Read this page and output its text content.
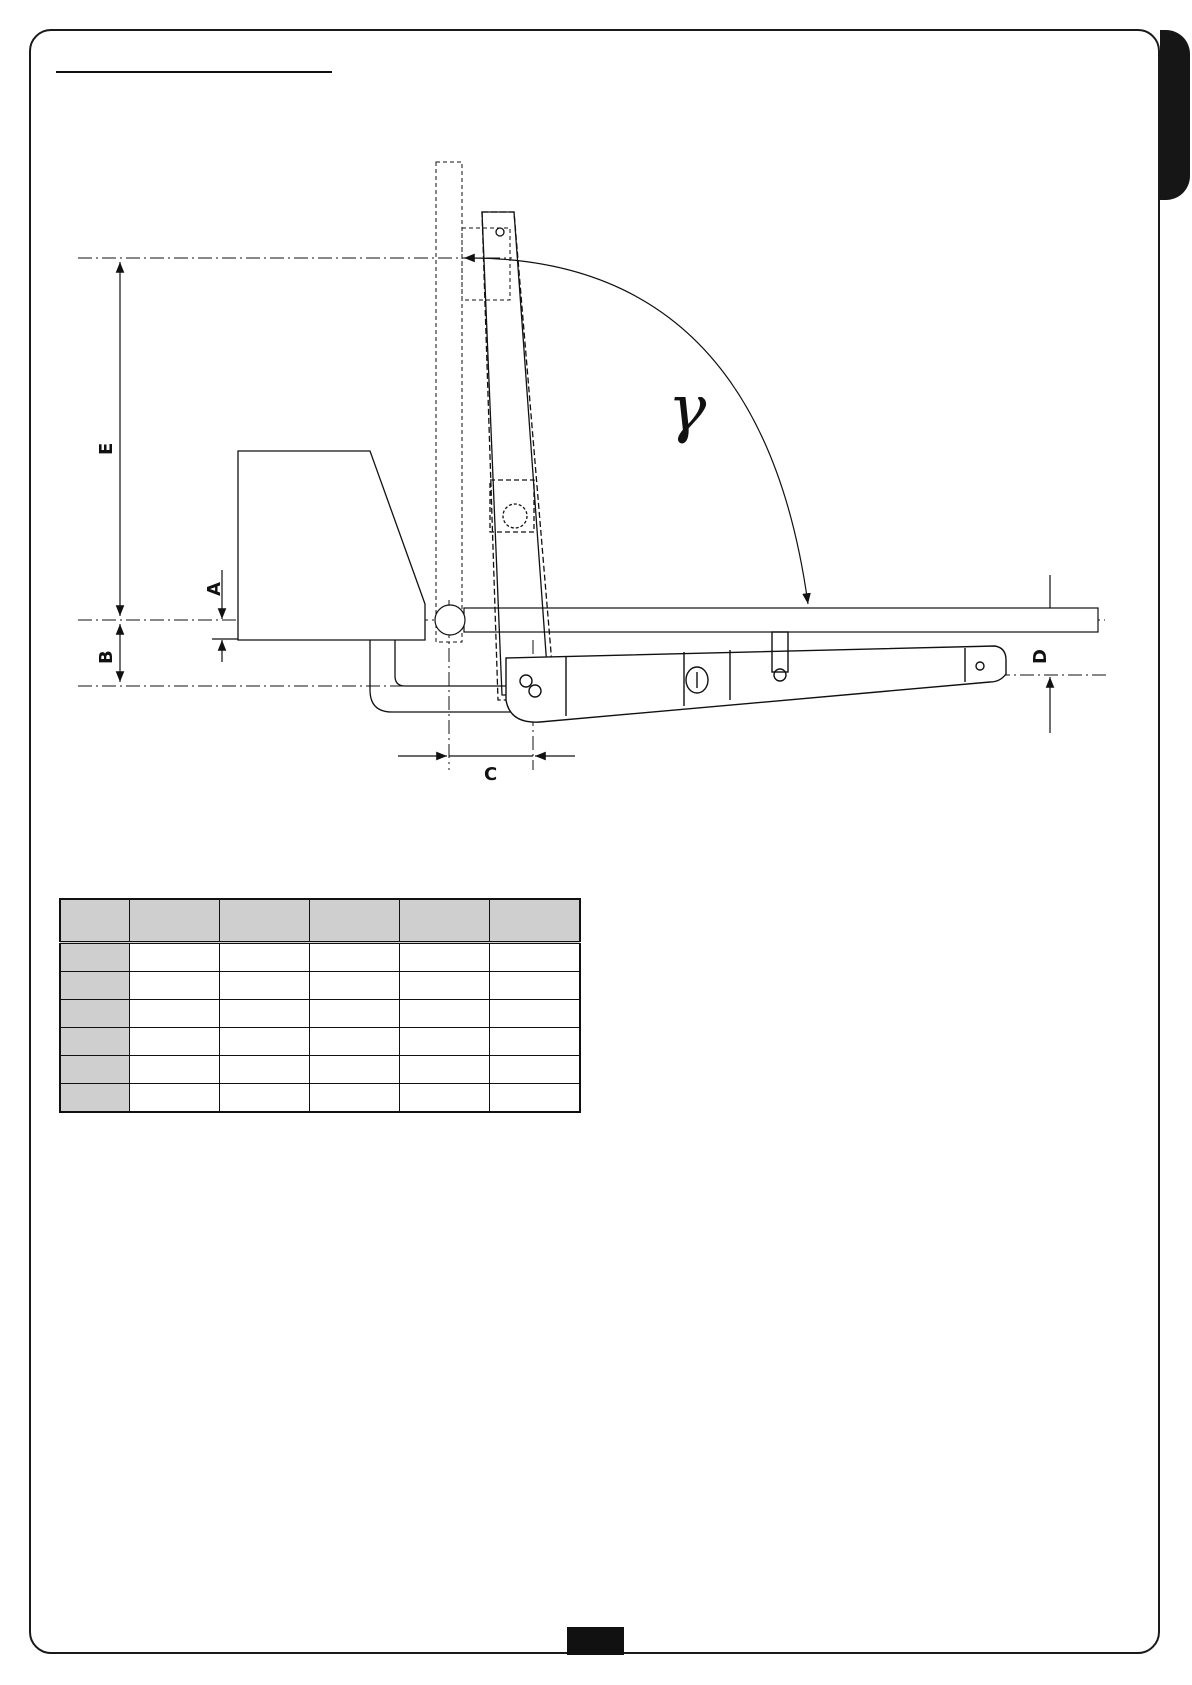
E
B
A
C
D
γ
